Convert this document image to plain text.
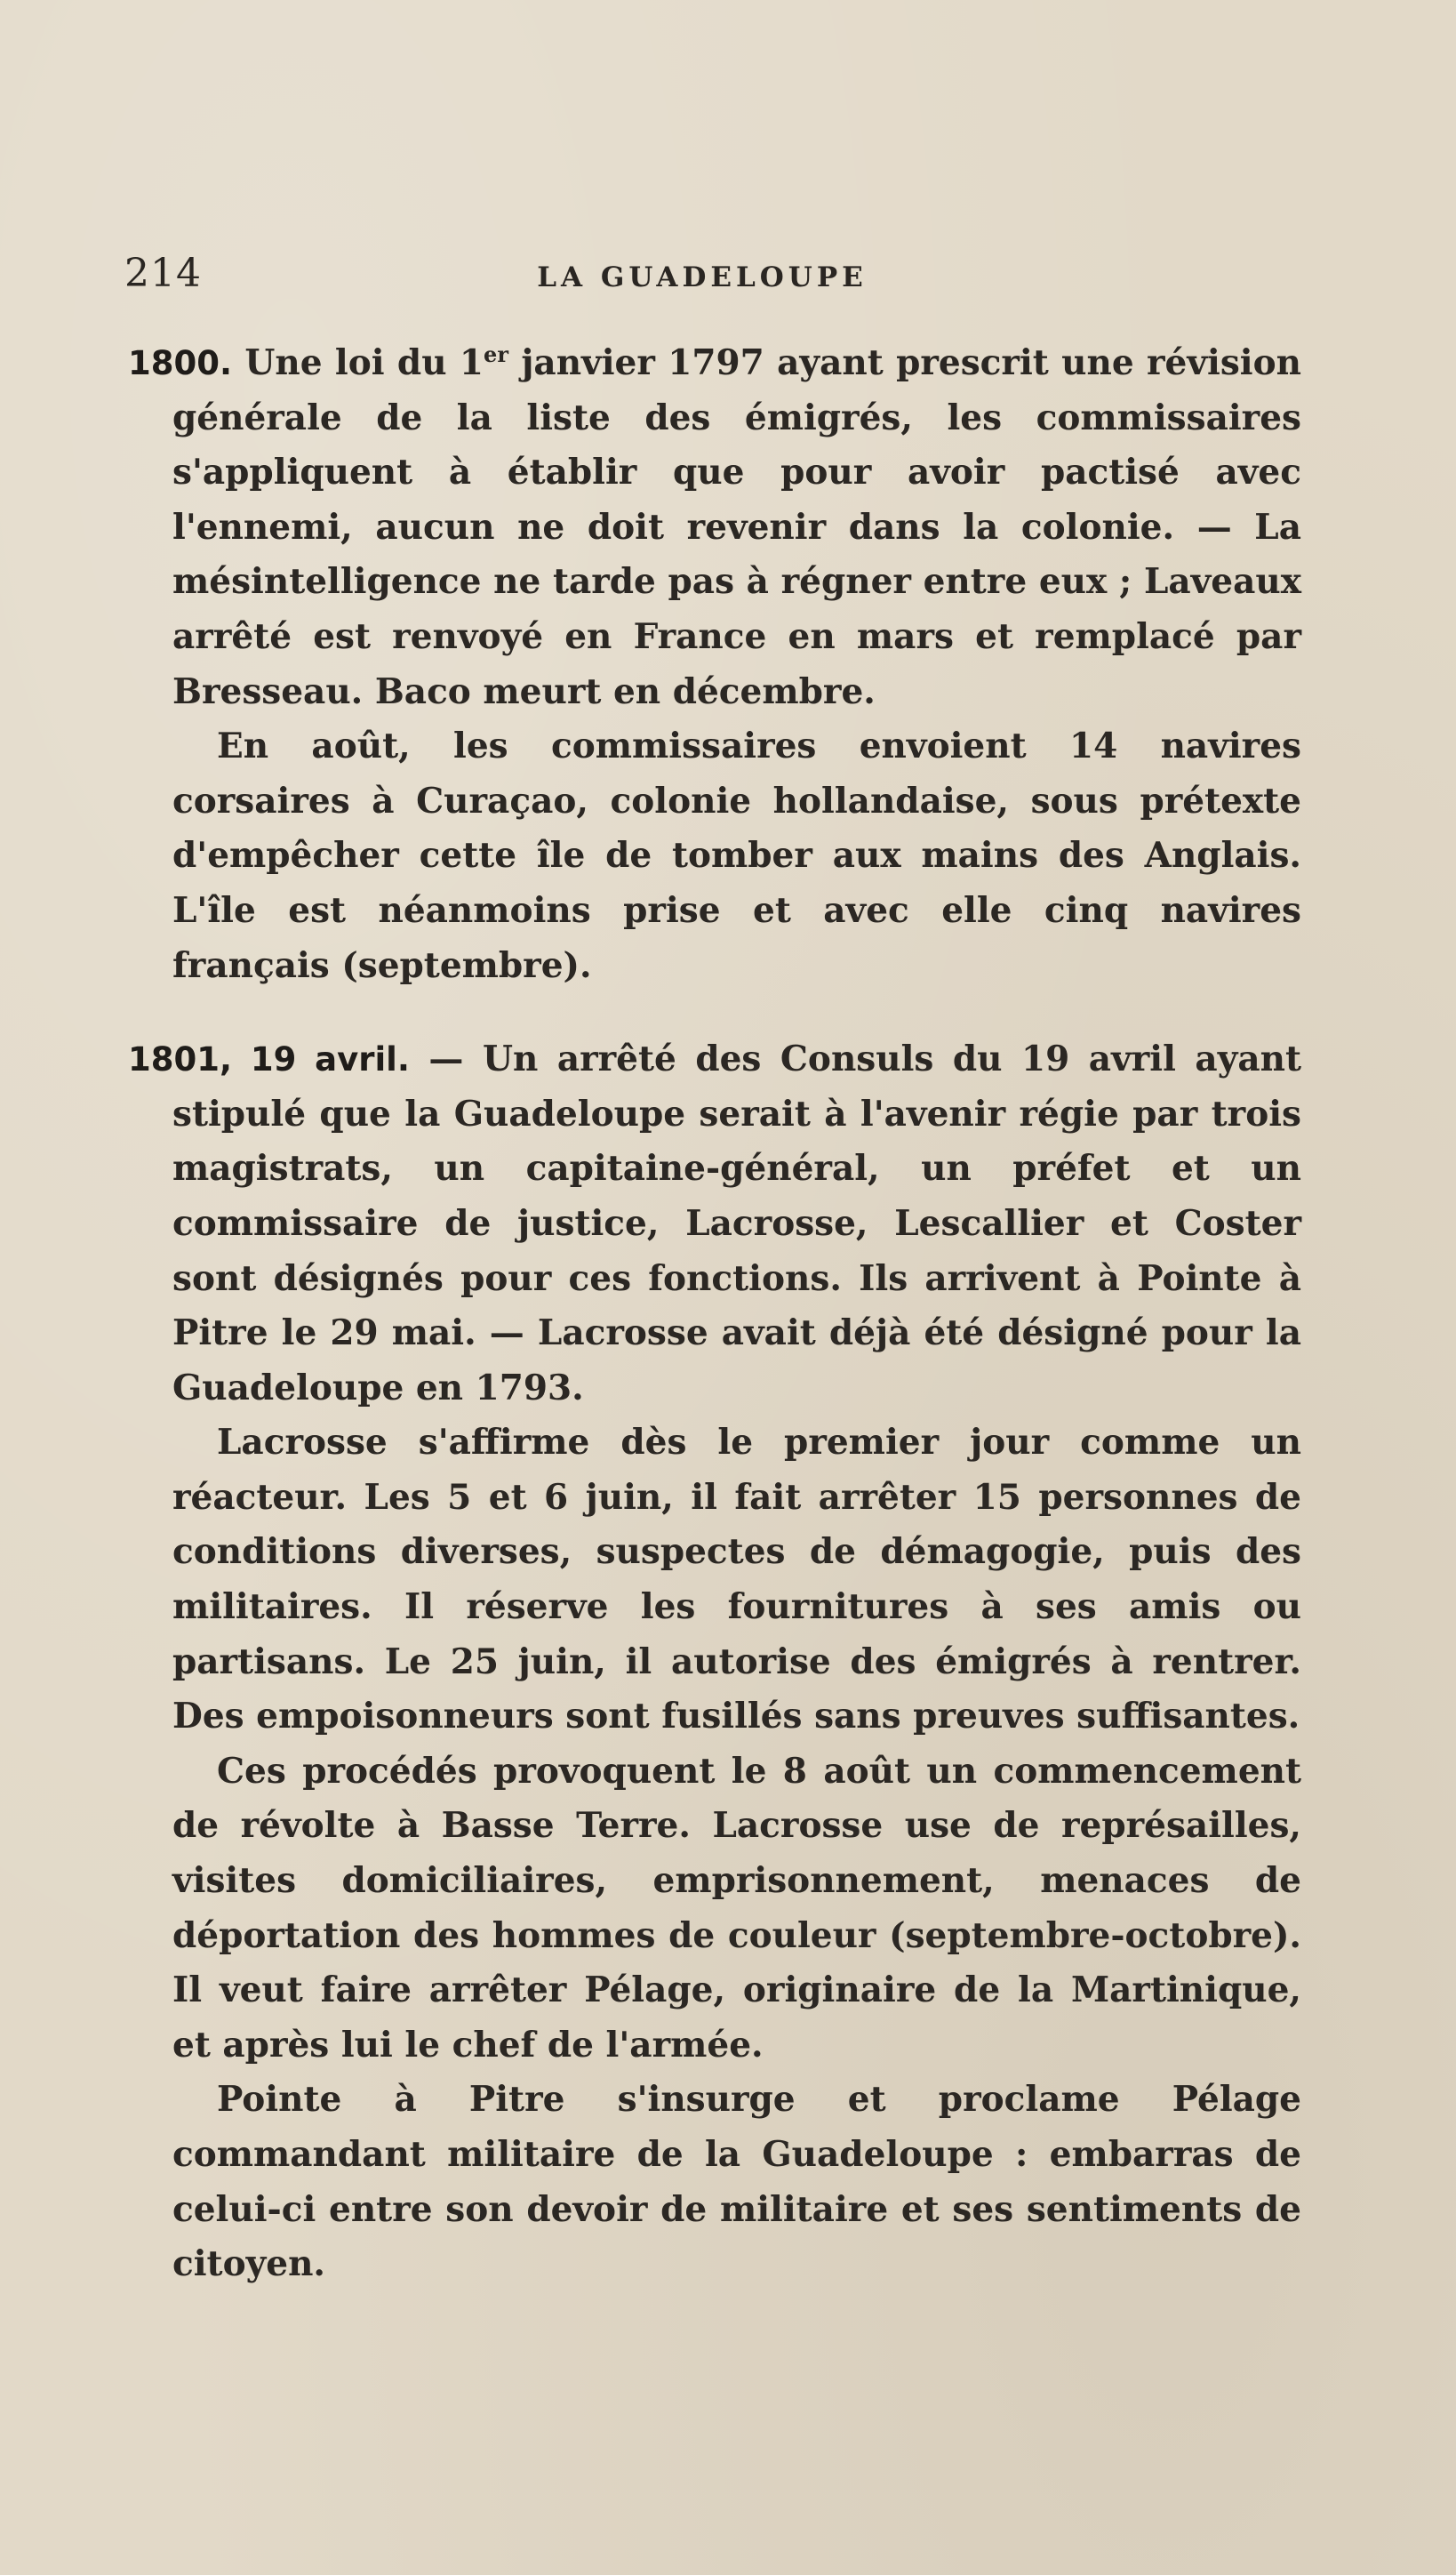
214	LA GUADELOUPE

1800. Une loi du 1er janvier 1797 ayant prescrit une révision générale de la liste des émigrés, les commissaires s'appliquent à établir que pour avoir pactisé avec l'ennemi, aucun ne doit revenir dans la colonie. — La mésintelligence ne tarde pas à régner entre eux ; Laveaux arrêté est renvoyé en France en mars et remplacé par Bresseau. Baco meurt en décembre.

En août, les commissaires envoient 14 navires corsaires à Curaçao, colonie hollandaise, sous prétexte d'empêcher cette île de tomber aux mains des Anglais. L'île est néanmoins prise et avec elle cinq navires français (septembre).

1801, 19 avril. — Un arrêté des Consuls du 19 avril ayant stipulé que la Guadeloupe serait à l'avenir régie par trois magistrats, un capitaine-général, un préfet et un commissaire de justice, Lacrosse, Lescallier et Coster sont désignés pour ces fonctions. Ils arrivent à Pointe à Pitre le 29 mai. — Lacrosse avait déjà été désigné pour la Guadeloupe en 1793.

Lacrosse s'affirme dès le premier jour comme un réacteur. Les 5 et 6 juin, il fait arrêter 15 personnes de conditions diverses, suspectes de démagogie, puis des militaires. Il réserve les fournitures à ses amis ou partisans. Le 25 juin, il autorise des émigrés à rentrer. Des empoisonneurs sont fusillés sans preuves suffisantes.

Ces procédés provoquent le 8 août un commencement de révolte à Basse Terre. Lacrosse use de représailles, visites domiciliaires, emprisonnement, menaces de déportation des hommes de couleur (septembre-octobre). Il veut faire arrêter Pélage, originaire de la Martinique, et après lui le chef de l'armée.

Pointe à Pitre s'insurge et proclame Pélage commandant militaire de la Guadeloupe : embarras de celui-ci entre son devoir de militaire et ses sentiments de citoyen.
